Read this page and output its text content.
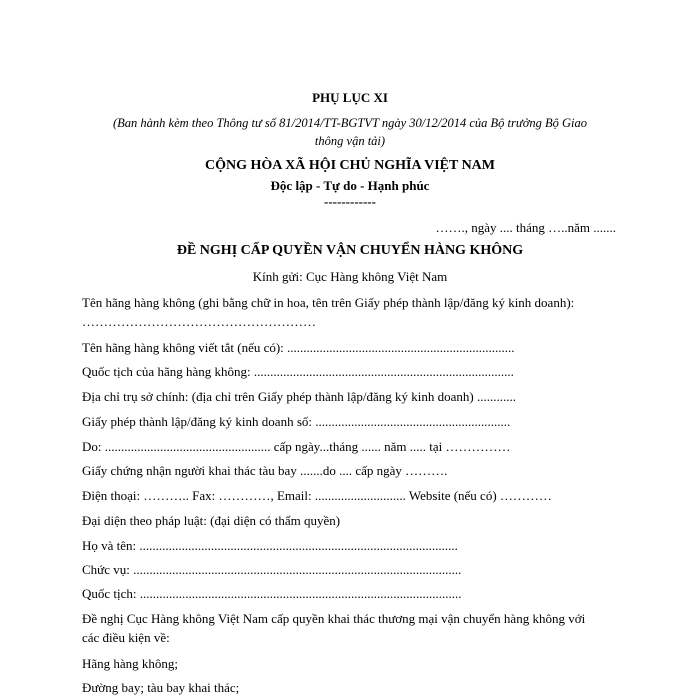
PHỤ LỤC XI
(Ban hành kèm theo Thông tư số 81/2014/TT-BGTVT ngày 30/12/2014 của Bộ trưởng Bộ Giao
thông vận tải)
CỘNG HÒA XÃ HỘI CHỦ NGHĨA VIỆT NAM
Độc lập - Tự do - Hạnh phúc
------------
……., ngày .... tháng …..năm .......
ĐỀ NGHỊ CẤP QUYỀN VẬN CHUYỂN HÀNG KHÔNG
Kính gửi: Cục Hàng không Việt Nam
Tên hãng hàng không (ghi bằng chữ in hoa, tên trên Giấy phép thành lập/đăng ký kinh doanh):
………………………………………………
Tên hãng hàng không viết tắt (nếu có): ......................................................................
Quốc tịch của hãng hàng không: ................................................................................
Địa chỉ trụ sở chính: (địa chỉ trên Giấy phép thành lập/đăng ký kinh doanh) ............
Giấy phép thành lập/đăng ký kinh doanh số: ............................................................
Do: ................................................... cấp ngày...tháng ...... năm ..... tại ……………
Giấy chứng nhận người khai thác tàu bay .......do .... cấp ngày ……….
Điện thoại: ……….. Fax: …………, Email: ............................ Website (nếu có) …………
Đại diện theo pháp luật: (đại diện có thẩm quyền)
Họ và tên: ..................................................................................................
Chức vụ: .....................................................................................................
Quốc tịch: ...................................................................................................
Đề nghị Cục Hàng không Việt Nam cấp quyền khai thác thương mại vận chuyển hàng không với
các điều kiện về:
Hãng hàng không;
Đường bay; tàu bay khai thác;
